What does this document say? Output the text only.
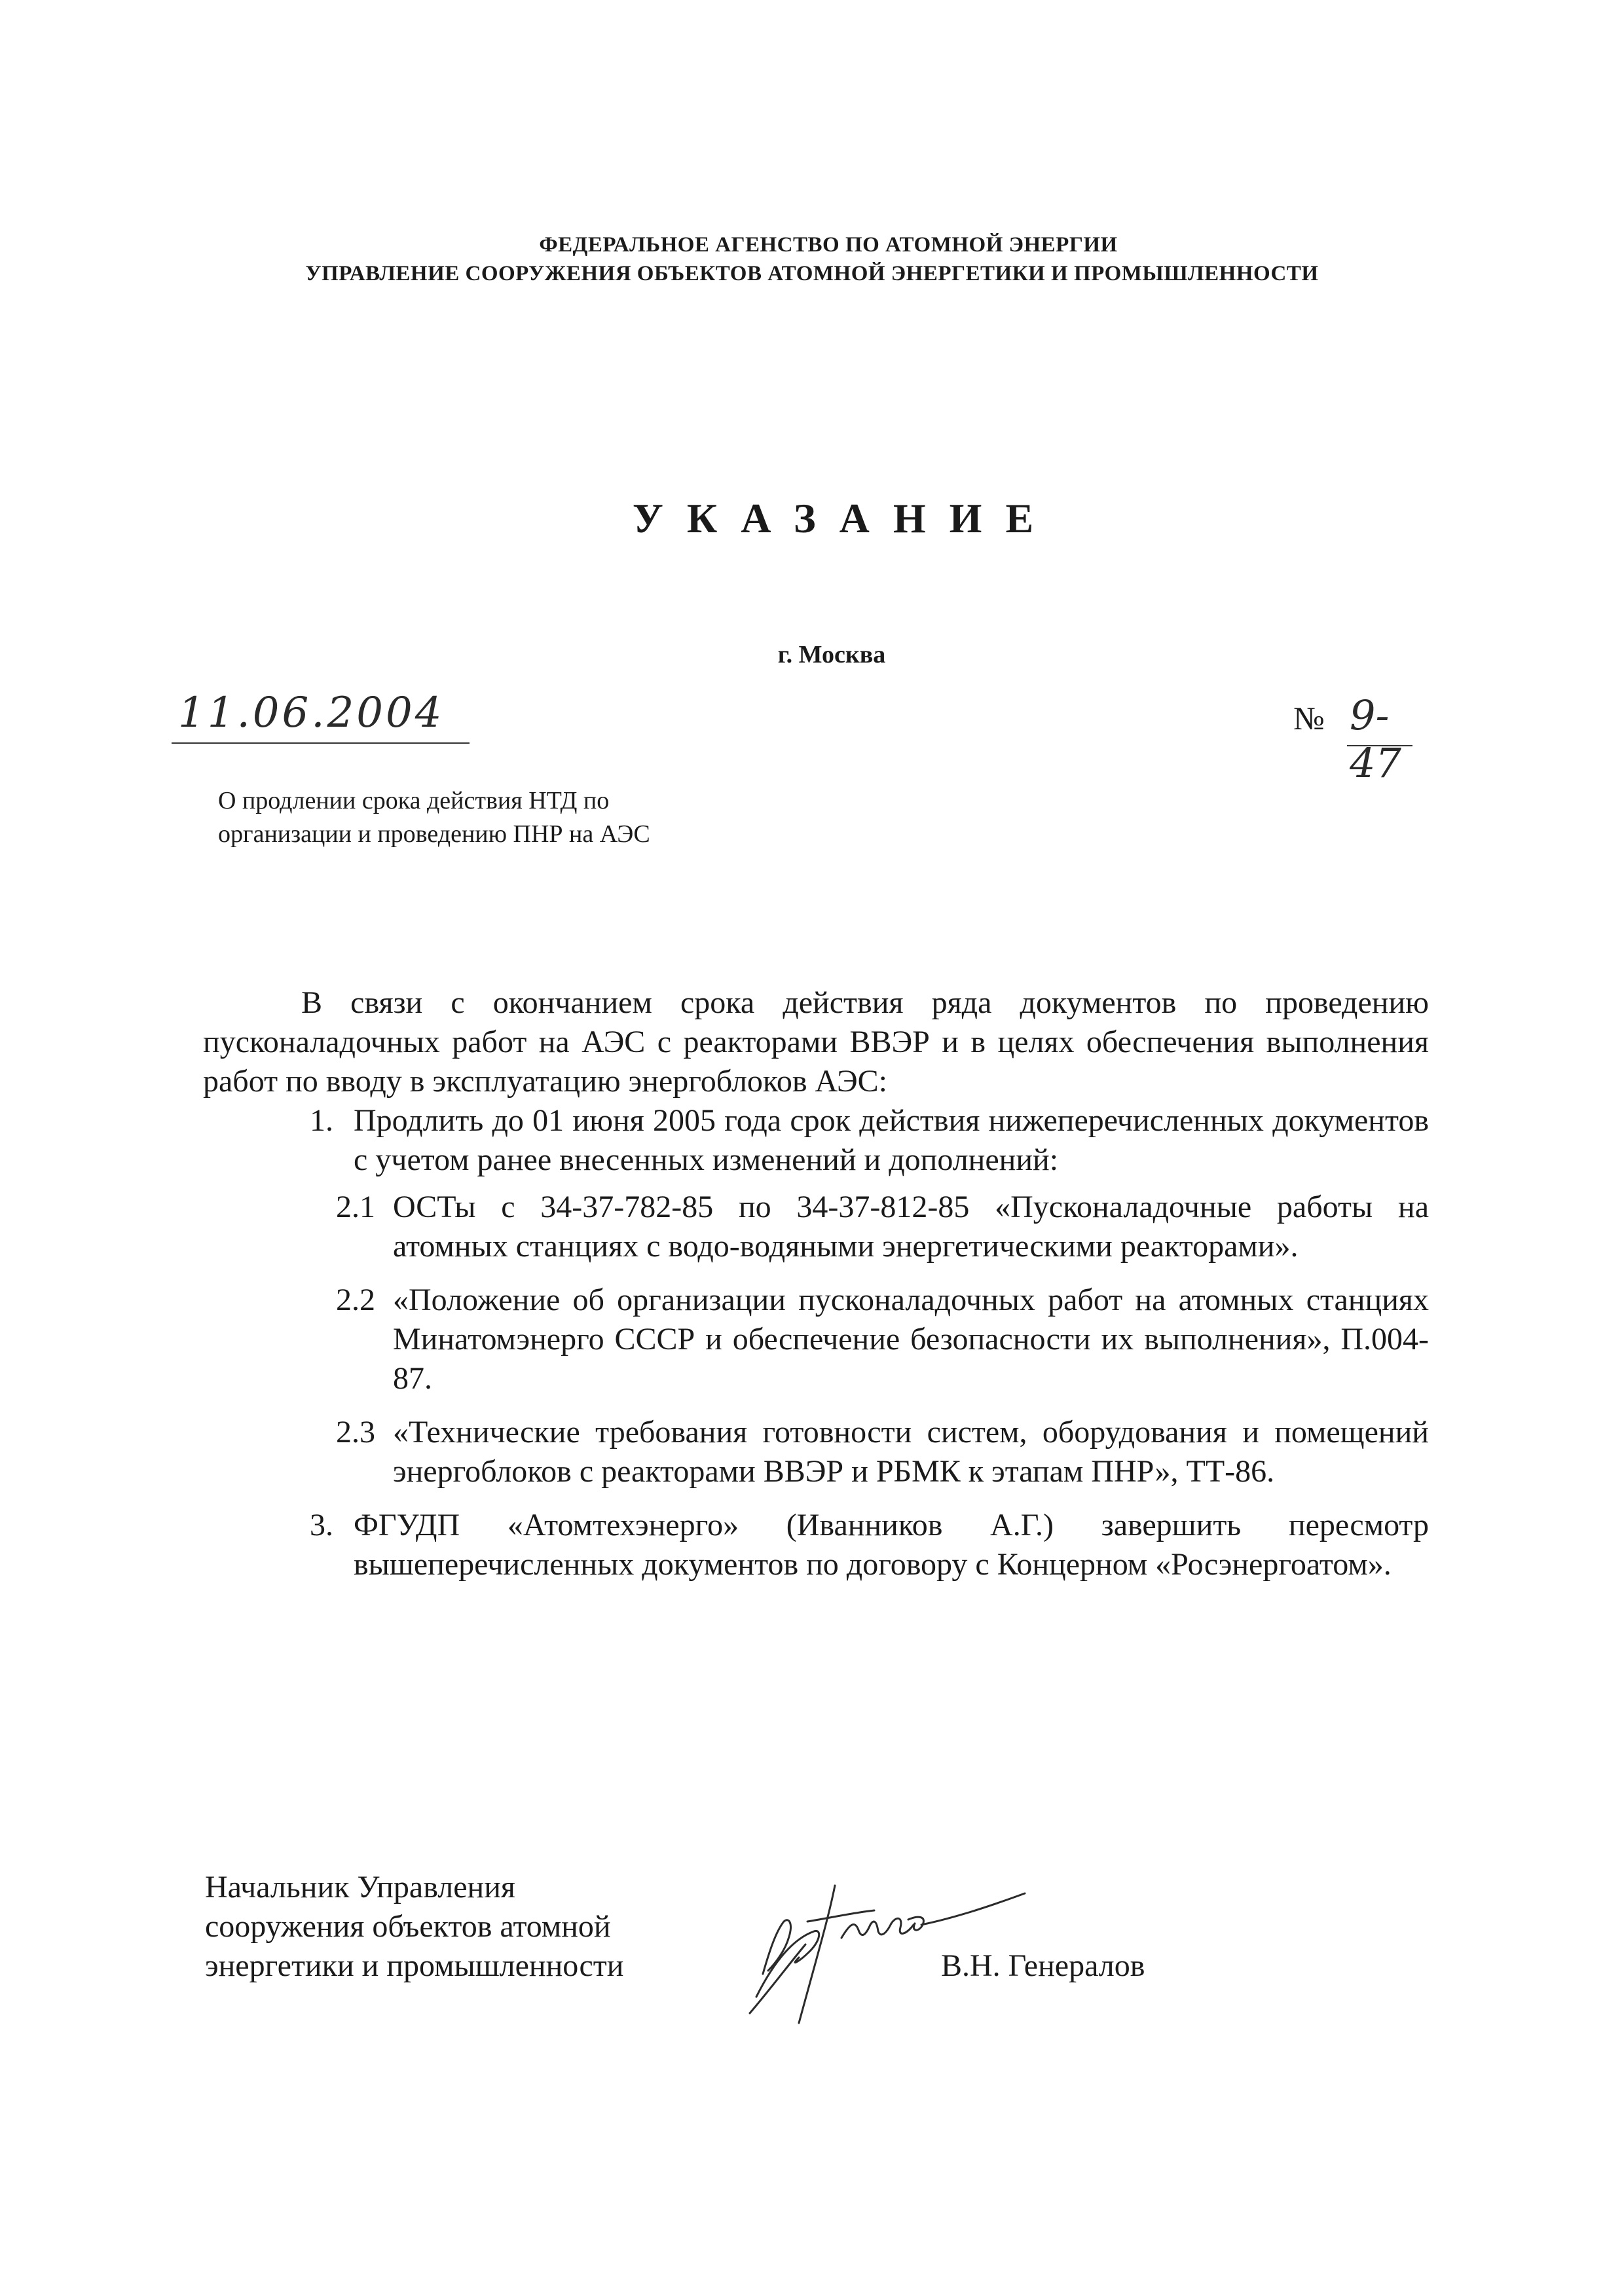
ФЕДЕРАЛЬНОЕ АГЕНСТВО ПО АТОМНОЙ ЭНЕРГИИ
УПРАВЛЕНИЕ СООРУЖЕНИЯ ОБЪЕКТОВ АТОМНОЙ ЭНЕРГЕТИКИ И ПРОМЫШЛЕННОСТИ
УКАЗАНИЕ
г. Москва
11.06.2004	№ 9-47
О продлении срока действия НТД по
организации и проведению ПНР на АЭС

В связи с окончанием срока действия ряда документов по проведению пусконаладочных работ на АЭС с реакторами ВВЭР и в целях обеспечения выполнения работ по вводу в эксплуатацию энергоблоков АЭС:

1. Продлить до 01 июня 2005 года срок действия нижеперечисленных документов с учетом ранее внесенных изменений и дополнений:

2.1 ОСТы с 34-37-782-85 по 34-37-812-85 «Пусконаладочные работы на атомных станциях с водо-водяными энергетическими реакторами».

2.2 «Положение об организации пусконаладочных работ на атомных станциях Минатомэнерго СССР и обеспечение безопасности их выполнения», П.004-87.

2.3 «Технические требования готовности систем, оборудования и помещений энергоблоков с реакторами ВВЭР и РБМК к этапам ПНР», ТТ-86.

3. ФГУДП «Атомтехэнерго» (Иванников А.Г.) завершить пересмотр вышеперечисленных документов по договору с Концерном «Росэнергоатом».

Начальник Управления
сооружения объектов атомной
энергетики и промышленности	В.Н. Генералов
